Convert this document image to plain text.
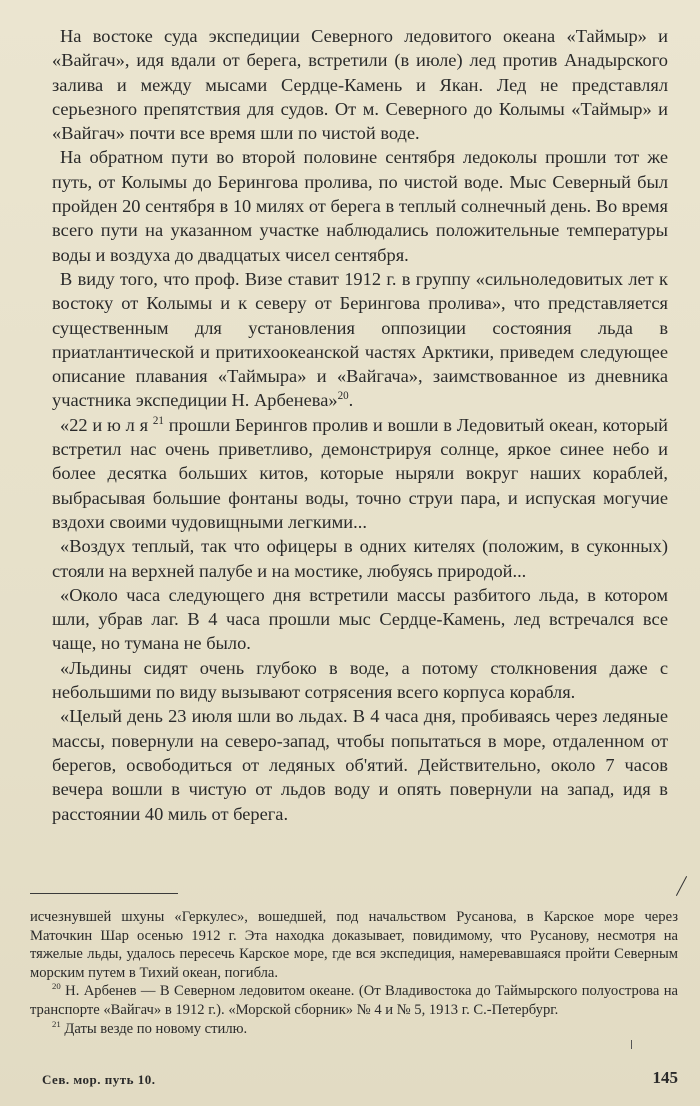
На востоке суда экспедиции Северного ледовитого океана «Таймыр» и «Вайгач», идя вдали от берега, встретили (в июле) лед против Анадырского залива и между мысами Сердце-Камень и Якан. Лед не представлял серьезного препятствия для судов. От м. Северного до Колымы «Таймыр» и «Вайгач» почти все время шли по чистой воде.

На обратном пути во второй половине сентября ледоколы прошли тот же путь, от Колымы до Берингова пролива, по чистой воде. Мыс Северный был пройден 20 сентября в 10 милях от берега в теплый солнечный день. Во время всего пути на указанном участке наблюдались положительные температуры воды и воздуха до двадцатых чисел сентября.

В виду того, что проф. Визе ставит 1912 г. в группу «сильноледовитых лет к востоку от Колымы и к северу от Берингова пролива», что представляется существенным для установления оппозиции состояния льда в приатлантической и притихоокеанской частях Арктики, приведем следующее описание плавания «Таймыра» и «Вайгача», заимствованное из дневника участника экспедиции Н. Арбенева»$^{20}$.

«22 и ю л я $^{21}$ прошли Берингов пролив и вошли в Ледовитый океан, который встретил нас очень приветливо, демонстрируя солнце, яркое синее небо и более десятка больших китов, которые ныряли вокруг наших кораблей, выбрасывая большие фонтаны воды, точно струи пара, и испуская могучие вздохи своими чудовищными легкими...

«Воздух теплый, так что офицеры в одних кителях (положим, в суконных) стояли на верхней палубе и на мостике, любуясь природой...

«Около часа следующего дня встретили массы разбитого льда, в котором шли, убрав лаг. В 4 часа прошли мыс Сердце-Камень, лед встречался все чаще, но тумана не было.

«Льдины сидят очень глубоко в воде, а потому столкновения даже с небольшими по виду вызывают сотрясения всего корпуса корабля.

«Целый день 23 июля шли во льдах. В 4 часа дня, пробиваясь через ледяные массы, повернули на северо-запад, чтобы попытаться в море, отдаленном от берегов, освободиться от ледяных об'ятий. Действительно, около 7 часов вечера вошли в чистую от льдов воду и опять повернули на запад, идя в расстоянии 40 миль от берега.

исчезнувшей шхуны «Геркулес», вошедшей, под начальством Русанова, в Карское море через Маточкин Шар осенью 1912 г. Эта находка доказывает, повидимому, что Русанову, несмотря на тяжелые льды, удалось пересечь Карское море, где вся экспедиция, намеревавшаяся пройти Северным морским путем в Тихий океан, погибла.

$^{20}$ Н. Арбенев — В Северном ледовитом океане. (От Владивостока до Таймырского полуострова на транспорте «Вайгач» в 1912 г.). «Морской сборник» № 4 и № 5, 1913 г. С.-Петербург.

$^{21}$ Даты везде по новому стилю.

Сев. мор. путь 10.	145
